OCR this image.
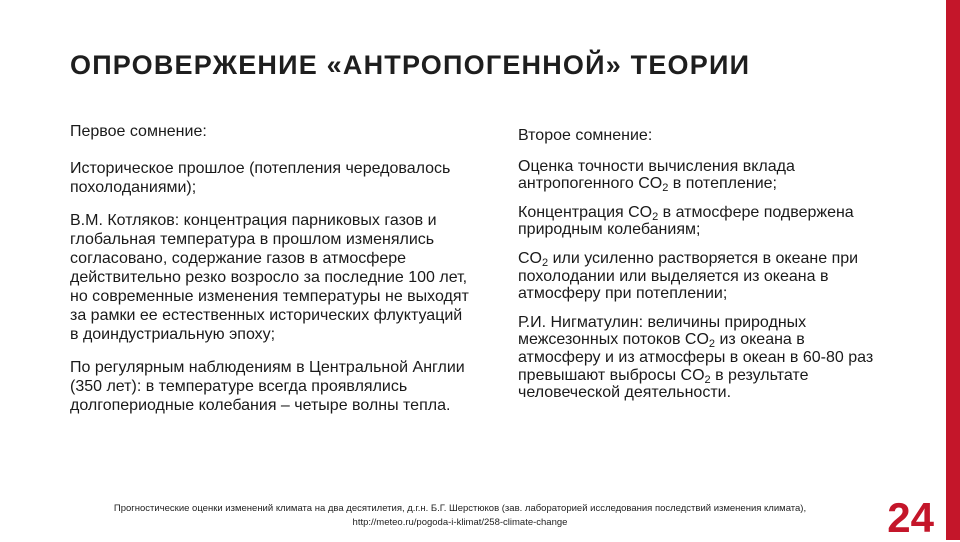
ОПРОВЕРЖЕНИЕ «АНТРОПОГЕННОЙ» ТЕОРИИ
Первое сомнение:
Историческое прошлое (потепления чередовалось похолоданиями);
В.М. Котляков: концентрация парниковых газов и глобальная температура в прошлом изменялись согласовано, содержание газов в атмосфере действительно резко возросло за последние 100 лет, но современные изменения температуры не выходят за рамки ее естественных исторических флуктуаций в доиндустриальную эпоху;
По регулярным наблюдениям в Центральной Англии (350 лет): в температуре всегда проявлялись долгопериодные колебания – четыре волны тепла.
Второе сомнение:
Оценка точности вычисления вклада антропогенного $CO_2$ в потепление;
Концентрация $CO_2$ в атмосфере подвержена природным колебаниям;
$CO_2$ или усиленно растворяется в океане при похолодании или выделяется из океана в атмосферу при потеплении;
Р.И. Нигматулин: величины природных межсезонных потоков $CO_2$ из океана в атмосферу и из атмосферы в океан в 60-80 раз превышают выбросы $CO_2$ в результате человеческой деятельности.
Прогностические оценки изменений климата на два десятилетия, д.г.н. Б.Г. Шерстюков (зав. лабораторией исследования последствий изменения климата),
http://meteo.ru/pogoda-i-klimat/258-climate-change	24
